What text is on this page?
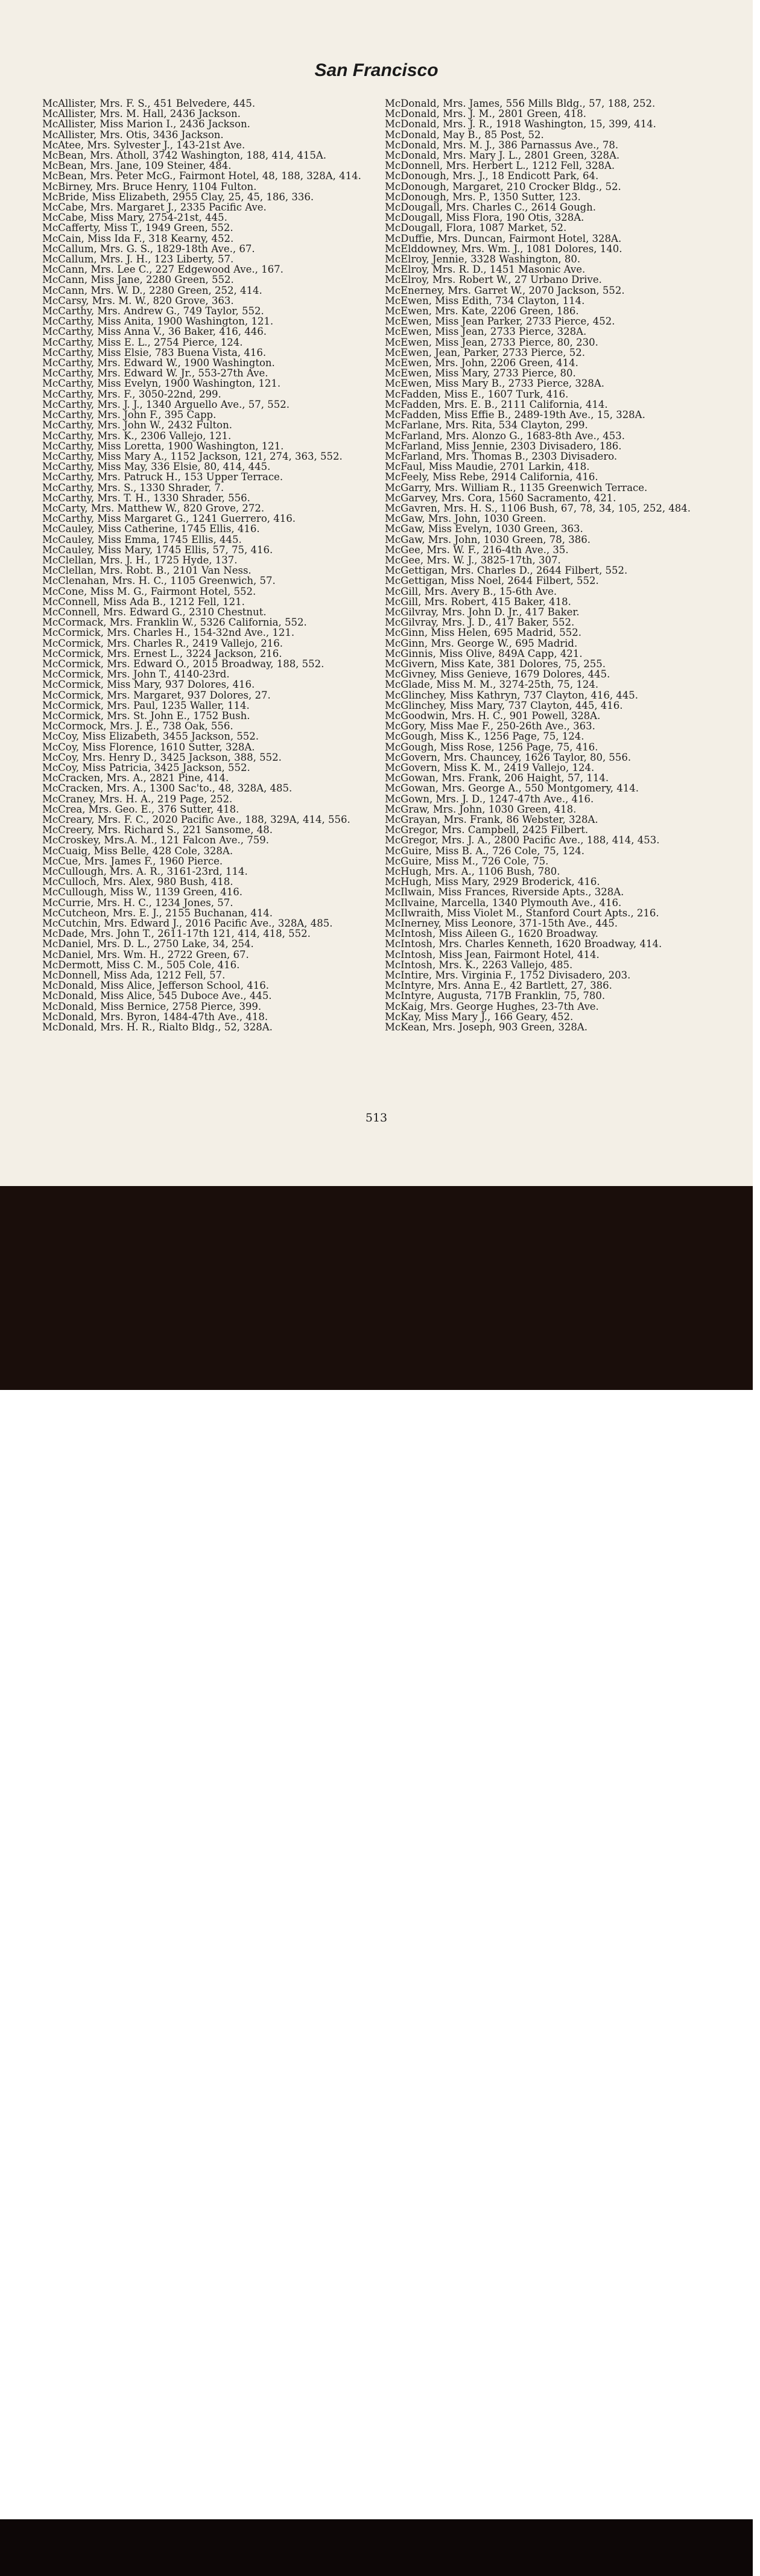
San Francisco
McAllister, Mrs. F. S., 451 Belvedere, 445.
McAllister, Mrs. M. Hall, 2436 Jackson.
McAllister, Miss Marion I., 2436 Jackson.
McAllister, Mrs. Otis, 3436 Jackson.
McAtee, Mrs. Sylvester J., 143-21st Ave.
McBean, Mrs. Atholl, 3742 Washington, 188, 414, 415A.
McBean, Mrs. Jane, 109 Steiner, 484.
McBean, Mrs. Peter McG., Fairmont Hotel, 48, 188, 328A, 414.
McBirney, Mrs. Bruce Henry, 1104 Fulton.
McBride, Miss Elizabeth, 2955 Clay, 25, 45, 186, 336.
McCabe, Mrs. Margaret J., 2335 Pacific Ave.
McCabe, Miss Mary, 2754-21st, 445.
McCafferty, Miss T., 1949 Green, 552.
McCain, Miss Ida F., 318 Kearny, 452.
McCallum, Mrs. G. S., 1829-18th Ave., 67.
McCallum, Mrs. J. H., 123 Liberty, 57.
McCann, Mrs. Lee C., 227 Edgewood Ave., 167.
McCann, Miss Jane, 2280 Green, 552.
McCann, Mrs. W. D., 2280 Green, 252, 414.
McCarsy, Mrs. M. W., 820 Grove, 363.
McCarthy, Mrs. Andrew G., 749 Taylor, 552.
McCarthy, Miss Anita, 1900 Washington, 121.
McCarthy, Miss Anna V., 36 Baker, 416, 446.
McCarthy, Miss E. L., 2754 Pierce, 124.
McCarthy, Miss Elsie, 783 Buena Vista, 416.
McCarthy, Mrs. Edward W., 1900 Washington.
McCarthy, Mrs. Edward W. Jr., 553-27th Ave.
McCarthy, Miss Evelyn, 1900 Washington, 121.
McCarthy, Mrs. F., 3050-22nd, 299.
McCarthy, Mrs. J. J., 1340 Arguello Ave., 57, 552.
McCarthy, Mrs. John F., 395 Capp.
McCarthy, Mrs. John W., 2432 Fulton.
McCarthy, Mrs. K., 2306 Vallejo, 121.
McCarthy, Miss Loretta, 1900 Washington, 121.
McCarthy, Miss Mary A., 1152 Jackson, 121, 274, 363, 552.
McCarthy, Miss May, 336 Elsie, 80, 414, 445.
McCarthy, Mrs. Patruck H., 153 Upper Terrace.
McCarthy, Mrs. S., 1330 Shrader, 7.
McCarthy, Mrs. T. H., 1330 Shrader, 556.
McCarty, Mrs. Matthew W., 820 Grove, 272.
McCarthy, Miss Margaret G., 1241 Guerrero, 416.
McCauley, Miss Catherine, 1745 Ellis, 416.
McCauley, Miss Emma, 1745 Ellis, 445.
McCauley, Miss Mary, 1745 Ellis, 57, 75, 416.
McClellan, Mrs. J. H., 1725 Hyde, 137.
McClellan, Mrs. Robt. B., 2101 Van Ness.
McClenahan, Mrs. H. C., 1105 Greenwich, 57.
McCone, Miss M. G., Fairmont Hotel, 552.
McConnell, Miss Ada B., 1212 Fell, 121.
McConnell, Mrs. Edward G., 2310 Chestnut.
McCormack, Mrs. Franklin W., 5326 California, 552.
McCormick, Mrs. Charles H., 154-32nd Ave., 121.
McCormick, Mrs. Charles R., 2419 Vallejo, 216.
McCormick, Mrs. Ernest L., 3224 Jackson, 216.
McCormick, Mrs. Edward O., 2015 Broadway, 188, 552.
McCormick, Mrs. John T., 4140-23rd.
McCormick, Miss Mary, 937 Dolores, 416.
McCormick, Mrs. Margaret, 937 Dolores, 27.
McCormick, Mrs. Paul, 1235 Waller, 114.
McCormick, Mrs. St. John E., 1752 Bush.
McCormock, Mrs. J. E., 738 Oak, 556.
McCoy, Miss Elizabeth, 3455 Jackson, 552.
McCoy, Miss Florence, 1610 Sutter, 328A.
McCoy, Mrs. Henry D., 3425 Jackson, 388, 552.
McCoy, Miss Patricia, 3425 Jackson, 552.
McCracken, Mrs. A., 2821 Pine, 414.
McCracken, Mrs. A., 1300 Sac'to., 48, 328A, 485.
McCraney, Mrs. H. A., 219 Page, 252.
McCrea, Mrs. Geo. E., 376 Sutter, 418.
McCreary, Mrs. F. C., 2020 Pacific Ave., 188, 329A, 414, 556.
McCreery, Mrs. Richard S., 221 Sansome, 48.
McCroskey, Mrs.A. M., 121 Falcon Ave., 759.
McCuaig, Miss Belle, 428 Cole, 328A.
McCue, Mrs. James F., 1960 Pierce.
McCullough, Mrs. A. R., 3161-23rd, 114.
McCulloch, Mrs. Alex, 980 Bush, 418.
McCullough, Miss W., 1139 Green, 416.
McCurrie, Mrs. H. C., 1234 Jones, 57.
McCutcheon, Mrs. E. J., 2155 Buchanan, 414.
McCutchin, Mrs. Edward J., 2016 Pacific Ave., 328A, 485.
McDade, Mrs. John T., 2611-17th 121, 414, 418, 552.
McDaniel, Mrs. D. L., 2750 Lake, 34, 254.
McDaniel, Mrs. Wm. H., 2722 Green, 67.
McDermott, Miss C. M., 505 Cole, 416.
McDonnell, Miss Ada, 1212 Fell, 57.
McDonald, Miss Alice, Jefferson School, 416.
McDonald, Miss Alice, 545 Duboce Ave., 445.
McDonald, Miss Bernice, 2758 Pierce, 399.
McDonald, Mrs. Byron, 1484-47th Ave., 418.
McDonald, Mrs. H. R., Rialto Bldg., 52, 328A.
McDonald, Mrs. James, 556 Mills Bldg., 57, 188, 252.
McDonald, Mrs. J. M., 2801 Green, 418.
McDonald, Mrs. J. R., 1918 Washington, 15, 399, 414.
McDonald, May B., 85 Post, 52.
McDonald, Mrs. M. J., 386 Parnassus Ave., 78.
McDonald, Mrs. Mary J. L., 2801 Green, 328A.
McDonnell, Mrs. Herbert L., 1212 Fell, 328A.
McDonough, Mrs. J., 18 Endicott Park, 64.
McDonough, Margaret, 210 Crocker Bldg., 52.
McDonough, Mrs. P., 1350 Sutter, 123.
McDougall, Mrs. Charles C., 2614 Gough.
McDougall, Miss Flora, 190 Otis, 328A.
McDougall, Flora, 1087 Market, 52.
McDuffie, Mrs. Duncan, Fairmont Hotel, 328A.
McElddowney, Mrs. Wm. J., 1081 Dolores, 140.
McElroy, Jennie, 3328 Washington, 80.
McElroy, Mrs. R. D., 1451 Masonic Ave.
McElroy, Mrs. Robert W., 27 Urbano Drive.
McEnerney, Mrs. Garret W., 2070 Jackson, 552.
McEwen, Miss Edith, 734 Clayton, 114.
McEwen, Mrs. Kate, 2206 Green, 186.
McEwen, Miss Jean Parker, 2733 Pierce, 452.
McEwen, Miss Jean, 2733 Pierce, 328A.
McEwen, Miss Jean, 2733 Pierce, 80, 230.
McEwen, Jean, Parker, 2733 Pierce, 52.
McEwen, Mrs. John, 2206 Green, 414.
McEwen, Miss Mary, 2733 Pierce, 80.
McEwen, Miss Mary B., 2733 Pierce, 328A.
McFadden, Miss E., 1607 Turk, 416.
McFadden, Mrs. E. B., 2111 California, 414.
McFadden, Miss Effie B., 2489-19th Ave., 15, 328A.
McFarlane, Mrs. Rita, 534 Clayton, 299.
McFarland, Mrs. Alonzo G., 1683-8th Ave., 453.
McFarland, Miss Jennie, 2303 Divisadero, 186.
McFarland, Mrs. Thomas B., 2303 Divisadero.
McFaul, Miss Maudie, 2701 Larkin, 418.
McFeely, Miss Rebe, 2914 California, 416.
McGarry, Mrs. William R., 1135 Greenwich Terrace.
McGarvey, Mrs. Cora, 1560 Sacramento, 421.
McGavren, Mrs. H. S., 1106 Bush, 67, 78, 34, 105, 252, 484.
McGaw, Mrs. John, 1030 Green.
McGaw, Miss Evelyn, 1030 Green, 363.
McGaw, Mrs. John, 1030 Green, 78, 386.
McGee, Mrs. W. F., 216-4th Ave., 35.
McGee, Mrs. W. J., 3825-17th, 307.
McGettigan, Mrs. Charles D., 2644 Filbert, 552.
McGettigan, Miss Noel, 2644 Filbert, 552.
McGill, Mrs. Avery B., 15-6th Ave.
McGill, Mrs. Robert, 415 Baker, 418.
McGilvray, Mrs. John D. Jr., 417 Baker.
McGilvray, Mrs. J. D., 417 Baker, 552.
McGinn, Miss Helen, 695 Madrid, 552.
McGinn, Mrs. George W., 695 Madrid.
McGinnis, Miss Olive, 849A Capp, 421.
McGivern, Miss Kate, 381 Dolores, 75, 255.
McGivney, Miss Genieve, 1679 Dolores, 445.
McGlade, Miss M. M., 3274-25th, 75, 124.
McGlinchey, Miss Kathryn, 737 Clayton, 416, 445.
McGlinchey, Miss Mary, 737 Clayton, 445, 416.
McGoodwin, Mrs. H. C., 901 Powell, 328A.
McGory, Miss Mae F., 250-26th Ave., 363.
McGough, Miss K., 1256 Page, 75, 124.
McGough, Miss Rose, 1256 Page, 75, 416.
McGovern, Mrs. Chauncey, 1626 Taylor, 80, 556.
McGovern, Miss K. M., 2419 Vallejo, 124.
McGowan, Mrs. Frank, 206 Haight, 57, 114.
McGowan, Mrs. George A., 550 Montgomery, 414.
McGown, Mrs. J. D., 1247-47th Ave., 416.
McGraw, Mrs. John, 1030 Green, 418.
McGrayan, Mrs. Frank, 86 Webster, 328A.
McGregor, Mrs. Campbell, 2425 Filbert.
McGregor, Mrs. J. A., 2800 Pacific Ave., 188, 414, 453.
McGuire, Miss B. A., 726 Cole, 75, 124.
McGuire, Miss M., 726 Cole, 75.
McHugh, Mrs. A., 1106 Bush, 780.
McHugh, Miss Mary, 2929 Broderick, 416.
McIlwain, Miss Frances, Riverside Apts., 328A.
McIlvaine, Marcella, 1340 Plymouth Ave., 416.
McIlwraith, Miss Violet M., Stanford Court Apts., 216.
McInerney, Miss Leonore, 371-15th Ave., 445.
McIntosh, Miss Aileen G., 1620 Broadway.
McIntosh, Mrs. Charles Kenneth, 1620 Broadway, 414.
McIntosh, Miss Jean, Fairmont Hotel, 414.
McIntosh, Mrs. K., 2263 Vallejo, 485.
McIntire, Mrs. Virginia F., 1752 Divisadero, 203.
McIntyre, Mrs. Anna E., 42 Bartlett, 27, 386.
McIntyre, Augusta, 717B Franklin, 75, 780.
McKaig, Mrs. George Hughes, 23-7th Ave.
McKay, Miss Mary J., 166 Geary, 452.
McKean, Mrs. Joseph, 903 Green, 328A.
513
